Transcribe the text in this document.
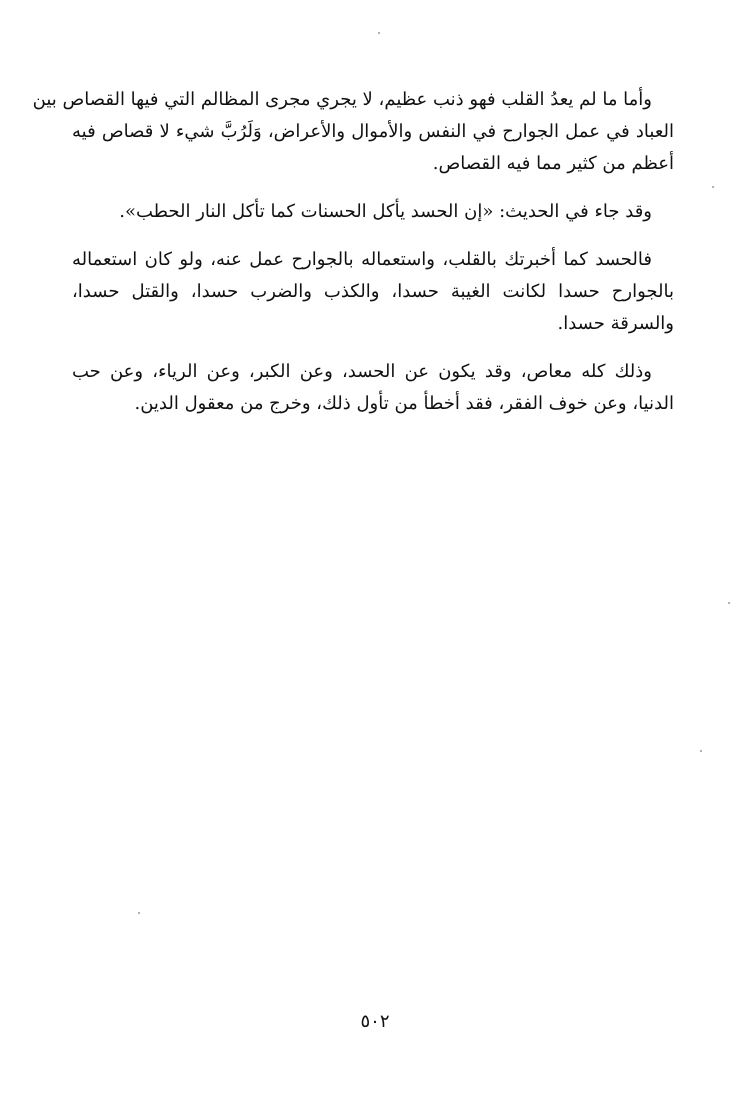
وأما ما لم يعدُ القلب فهو ذنب عظيم، لا يجري مجرى المظالم التي فيها القصاص بين
العباد في عمل الجوارح في النفس والأموال والأعراض، وَلَرُبَّ شيء لا قصاص فيه
أعظم من كثير مما فيه القصاص.

وقد جاء في الحديث: «إن الحسد يأكل الحسنات كما تأكل النار الحطب».

فالحسد كما أخبرتك بالقلب، واستعماله بالجوارح عمل عنه، ولو كان استعماله
بالجوارح حسدا لكانت الغيبة حسدا، والكذب والضرب حسدا، والقتل حسدا،
والسرقة حسدا.

وذلك كله معاص، وقد يكون عن الحسد، وعن الكبر، وعن الرياء، وعن حب
الدنيا، وعن خوف الفقر، فقد أخطأ من تأول ذلك، وخرج من معقول الدين.

٥٠٢
